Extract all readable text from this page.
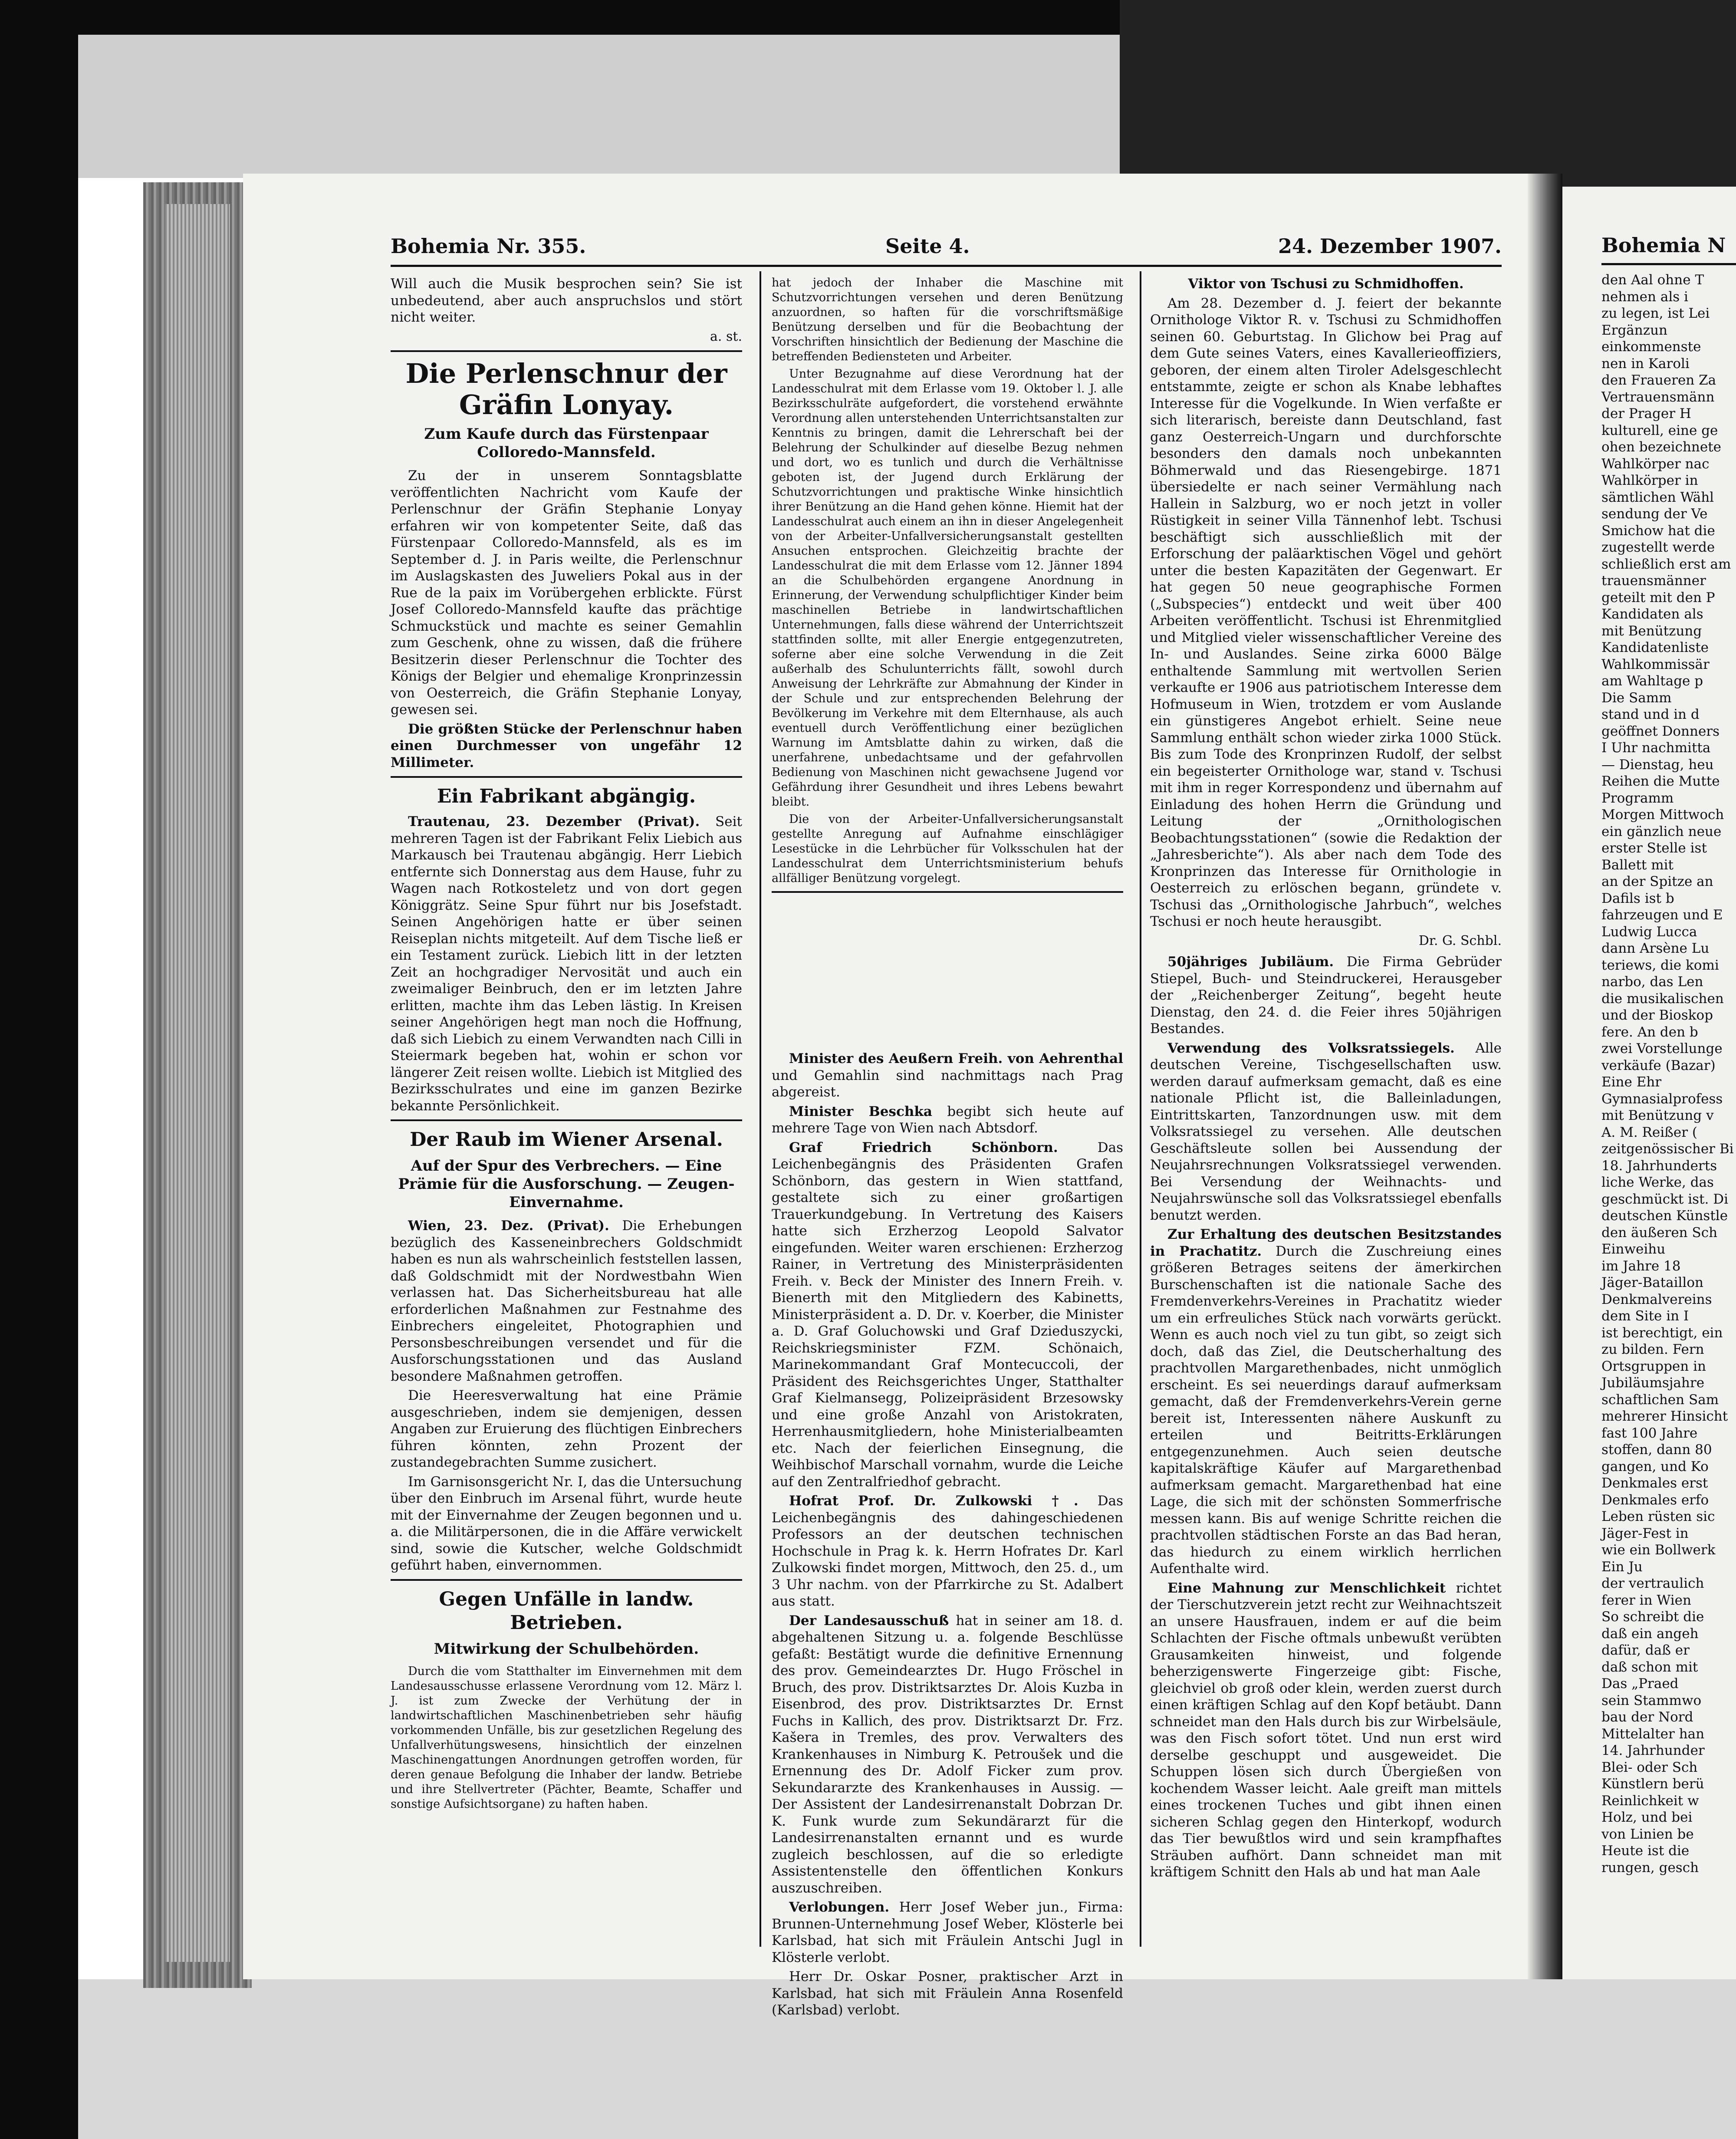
Bohemia Nr. 355.	Seite 4.	24. Dezember 1907.

Will auch die Musik besprochen sein? Sie ist unbedeutend, aber auch anspruchslos und stört nicht weiter.

a. st.

Die Perlenschnur der Gräfin Lonyay.
Zum Kaufe durch das Fürstenpaar Colloredo-Mannsfeld.

Zu der in unserem Sonntagsblatte veröffentlichten Nachricht vom Kaufe der Perlenschnur der Gräfin Stephanie Lonyay erfahren wir von kompetenter Seite, daß das Fürstenpaar Colloredo-Mannsfeld, als es im September d. J. in Paris weilte, die Perlenschnur im Auslagskasten des Juweliers Pokal aus in der Rue de la paix im Vorübergehen erblickte. Fürst Josef Colloredo-Mannsfeld kaufte das prächtige Schmuckstück und machte es seiner Gemahlin zum Geschenk, ohne zu wissen, daß die frühere Besitzerin dieser Perlenschnur die Tochter des Königs der Belgier und ehemalige Kronprinzessin von Oesterreich, die Gräfin Stephanie Lonyay, gewesen sei.

Die größten Stücke der Perlenschnur haben einen Durchmesser von ungefähr 12 Millimeter.

Ein Fabrikant abgängig.

Trautenau, 23. Dezember (Privat). Seit mehreren Tagen ist der Fabrikant Felix Liebich aus Markausch bei Trautenau abgängig. Herr Liebich entfernte sich Donnerstag aus dem Hause, fuhr zu Wagen nach Rotkosteletz und von dort gegen Königgrätz. Seine Spur führt nur bis Josefstadt. Seinen Angehörigen hatte er über seinen Reiseplan nichts mitgeteilt. Auf dem Tische ließ er ein Testament zurück. Liebich litt in der letzten Zeit an hochgradiger Nervosität und auch ein zweimaliger Beinbruch, den er im letzten Jahre erlitten, machte ihm das Leben lästig. In Kreisen seiner Angehörigen hegt man noch die Hoffnung, daß sich Liebich zu einem Verwandten nach Cilli in Steiermark begeben hat, wohin er schon vor längerer Zeit reisen wollte. Liebich ist Mitglied des Bezirksschulrates und eine im ganzen Bezirke bekannte Persönlichkeit.

Der Raub im Wiener Arsenal.
Auf der Spur des Verbrechers. — Eine Prämie für die Ausforschung. — Zeugen-Einvernahme.

Wien, 23. Dez. (Privat). Die Erhebungen bezüglich des Kasseneinbrechers Goldschmidt haben es nun als wahrscheinlich feststellen lassen, daß Goldschmidt mit der Nordwestbahn Wien verlassen hat. Das Sicherheitsbureau hat alle erforderlichen Maßnahmen zur Festnahme des Einbrechers eingeleitet, Photographien und Personsbeschreibungen versendet und für die Ausforschungsstationen und das Ausland besondere Maßnahmen getroffen.

Die Heeresverwaltung hat eine Prämie ausgeschrieben, indem sie demjenigen, dessen Angaben zur Eruierung des flüchtigen Einbrechers führen könnten, zehn Prozent der zustandegebrachten Summe zusichert.

Im Garnisonsgericht Nr. I, das die Untersuchung über den Einbruch im Arsenal führt, wurde heute mit der Einvernahme der Zeugen begonnen und u. a. die Militärpersonen, die in die Affäre verwickelt sind, sowie die Kutscher, welche Goldschmidt geführt haben, einvernommen.

Gegen Unfälle in landw. Betrieben.
Mitwirkung der Schulbehörden.

Durch die vom Statthalter im Einvernehmen mit dem Landesausschusse erlassene Verordnung vom 12. März l. J. ist zum Zwecke der Verhütung der in landwirtschaftlichen Maschinenbetrieben sehr häufig vorkommenden Unfälle, bis zur gesetzlichen Regelung des Unfallverhütungswesens, hinsichtlich der einzelnen Maschinengattungen Anordnungen getroffen worden, für deren genaue Befolgung die Inhaber der landw. Betriebe und ihre Stellvertreter (Pächter, Beamte, Schaffer und sonstige Aufsichtsorgane) zu haften haben.

hat jedoch der Inhaber die Maschine mit Schutzvorrichtungen versehen und deren Benützung anzuordnen, so haften für die vorschriftsmäßige Benützung derselben und für die Beobachtung der Vorschriften hinsichtlich der Bedienung der Maschine die betreffenden Bediensteten und Arbeiter.

Unter Bezugnahme auf diese Verordnung hat der Landesschulrat mit dem Erlasse vom 19. Oktober l. J. alle Bezirksschulräte aufgefordert, die vorstehend erwähnte Verordnung allen unterstehenden Unterrichtsanstalten zur Kenntnis zu bringen, damit die Lehrerschaft bei der Belehrung der Schulkinder auf dieselbe Bezug nehmen und dort, wo es tunlich und durch die Verhältnisse geboten ist, der Jugend durch Erklärung der Schutzvorrichtungen und praktische Winke hinsichtlich ihrer Benützung an die Hand gehen könne. Hiemit hat der Landesschulrat auch einem an ihn in dieser Angelegenheit von der Arbeiter-Unfallversicherungsanstalt gestellten Ansuchen entsprochen. Gleichzeitig brachte der Landesschulrat die mit dem Erlasse vom 12. Jänner 1894 an die Schulbehörden ergangene Anordnung in Erinnerung, der Verwendung schulpflichtiger Kinder beim maschinellen Betriebe in landwirtschaftlichen Unternehmungen, falls diese während der Unterrichtszeit stattfinden sollte, mit aller Energie entgegenzutreten, soferne aber eine solche Verwendung in die Zeit außerhalb des Schulunterrichts fällt, sowohl durch Anweisung der Lehrkräfte zur Abmahnung der Kinder in der Schule und zur entsprechenden Belehrung der Bevölkerung im Verkehre mit dem Elternhause, als auch eventuell durch Veröffentlichung einer bezüglichen Warnung im Amtsblatte dahin zu wirken, daß die unerfahrene, unbedachtsame und der gefahrvollen Bedienung von Maschinen nicht gewachsene Jugend vor Gefährdung ihrer Gesundheit und ihres Lebens bewahrt bleibt.

Die von der Arbeiter-Unfallversicherungsanstalt gestellte Anregung auf Aufnahme einschlägiger Lesestücke in die Lehrbücher für Volksschulen hat der Landesschulrat dem Unterrichtsministerium behufs allfälliger Benützung vorgelegt.

Minister des Aeußern Freih. von Aehrenthal und Gemahlin sind nachmittags nach Prag abgereist.

Minister Beschka begibt sich heute auf mehrere Tage von Wien nach Abtsdorf.

Graf Friedrich Schönborn.	Das Leichenbegängnis des Präsidenten Grafen Schönborn, das gestern in Wien stattfand, gestaltete sich zu einer großartigen Trauerkundgebung. In Vertretung des Kaisers hatte sich Erzherzog Leopold Salvator eingefunden. Weiter waren erschienen: Erzherzog Rainer, in Vertretung des Ministerpräsidenten Freih. v. Beck der Minister des Innern Freih. v. Bienerth mit den Mitgliedern des Kabinetts, Ministerpräsident a. D. Dr. v. Koerber, die Minister a. D. Graf Goluchowski und Graf Dzieduszycki, Reichskriegsminister FZM. Schönaich, Marinekommandant Graf Montecuccoli, der Präsident des Reichsgerichtes Unger, Statthalter Graf Kielmansegg, Polizeipräsident Brzesowsky und eine große Anzahl von Aristokraten, Herrenhausmitgliedern, hohe Ministerialbeamten etc. Nach der feierlichen Einsegnung, die Weihbischof Marschall vornahm, wurde die Leiche auf den Zentralfriedhof gebracht.

Hofrat Prof. Dr. Zulkowski †. Das Leichenbegängnis des dahingeschiedenen Professors an der deutschen technischen Hochschule in Prag k. k. Herrn Hofrates Dr. Karl Zulkowski findet morgen, Mittwoch, den 25. d., um 3 Uhr nachm. von der Pfarrkirche zu St. Adalbert aus statt.

Der Landesausschuß hat in seiner am 18. d. abgehaltenen Sitzung u. a. folgende Beschlüsse gefaßt: Bestätigt wurde die definitive Ernennung des prov. Gemeindearztes Dr. Hugo Fröschel in Bruch, des prov. Distriktsarztes Dr. Alois Kuzba in Eisenbrod, des prov. Distriktsarztes Dr. Ernst Fuchs in Kallich, des prov. Distriktsarzt Dr. Frz. Kašera in Tremles, des prov. Verwalters des Krankenhauses in Nimburg K. Petroušek und die Ernennung des Dr. Adolf Ficker zum prov. Sekundararzte des Krankenhauses in Aussig. — Der Assistent der Landesirrenanstalt Dobrzan Dr. K. Funk wurde zum Sekundärarzt für die Landesirrenanstalten ernannt und es wurde zugleich beschlossen, auf die so erledigte Assistentenstelle den öffentlichen Konkurs auszuschreiben.

Verlobungen. Herr Josef Weber jun., Firma: Brunnen-Unternehmung Josef Weber, Klösterle bei Karlsbad, hat sich mit Fräulein Antschi Jugl in Klösterle verlobt.

Herr Dr. Oskar Posner, praktischer Arzt in Karlsbad, hat sich mit Fräulein Anna Rosenfeld (Karlsbad) verlobt.

Viktor von Tschusi zu Schmidhoffen.

Am 28. Dezember d. J. feiert der bekannte Ornithologe Viktor R. v. Tschusi zu Schmidhoffen seinen 60. Geburtstag. In Glichow bei Prag auf dem Gute seines Vaters, eines Kavallerieoffiziers, geboren, der einem alten Tiroler Adelsgeschlecht entstammte, zeigte er schon als Knabe lebhaftes Interesse für die Vogelkunde. In Wien verfaßte er sich literarisch, bereiste dann Deutschland, fast ganz Oesterreich-Ungarn und durchforschte besonders den damals noch unbekannten Böhmerwald und das Riesengebirge. 1871 übersiedelte er nach seiner Vermählung nach Hallein in Salzburg, wo er noch jetzt in voller Rüstigkeit in seiner Villa Tännenhof lebt. Tschusi beschäftigt sich ausschließlich mit der Erforschung der paläarktischen Vögel und gehört unter die besten Kapazitäten der Gegenwart. Er hat gegen 50 neue geographische Formen („Subspecies“) entdeckt und weit über 400 Arbeiten veröffentlicht. Tschusi ist Ehrenmitglied und Mitglied vieler wissenschaftlicher Vereine des In- und Auslandes. Seine zirka 6000 Bälge enthaltende Sammlung mit wertvollen Serien verkaufte er 1906 aus patriotischem Interesse dem Hofmuseum in Wien, trotzdem er vom Auslande ein günstigeres Angebot erhielt. Seine neue Sammlung enthält schon wieder zirka 1000 Stück. Bis zum Tode des Kronprinzen Rudolf, der selbst ein begeisterter Ornithologe war, stand v. Tschusi mit ihm in reger Korrespondenz und übernahm auf Einladung des hohen Herrn die Gründung und Leitung der „Ornithologischen Beobachtungsstationen“ (sowie die Redaktion der „Jahresberichte“). Als aber nach dem Tode des Kronprinzen das Interesse für Ornithologie in Oesterreich zu erlöschen begann, gründete v. Tschusi das „Ornithologische Jahrbuch“, welches Tschusi er noch heute herausgibt.

Dr. G. Schbl.

50jähriges Jubiläum. Die Firma Gebrüder Stiepel, Buch- und Steindruckerei, Herausgeber der „Reichenberger Zeitung“, begeht heute Dienstag, den 24. d. die Feier ihres 50jährigen Bestandes.

Verwendung des Volksratssiegels. Alle deutschen Vereine, Tischgesellschaften usw. werden darauf aufmerksam gemacht, daß es eine nationale Pflicht ist, die Balleinladungen, Eintrittskarten, Tanzordnungen usw. mit dem Volksratssiegel zu versehen. Alle deutschen Geschäftsleute sollen bei Aussendung der Neujahrsrechnungen Volksratssiegel verwenden. Bei Versendung der Weihnachts- und Neujahrswünsche soll das Volksratssiegel ebenfalls benutzt werden.

Zur Erhaltung des deutschen Besitzstandes in Prachatitz. Durch die Zuschreiung eines größeren Betrages seitens der ämerkirchen Burschenschaften ist die nationale Sache des Fremdenverkehrs-Vereines in Prachatitz wieder um ein erfreuliches Stück nach vorwärts gerückt. Wenn es auch noch viel zu tun gibt, so zeigt sich doch, daß das Ziel, die Deutscherhaltung des prachtvollen Margarethenbades, nicht unmöglich erscheint. Es sei neuerdings darauf aufmerksam gemacht, daß der Fremdenverkehrs-Verein gerne bereit ist, Interessenten nähere Auskunft zu erteilen und Beitritts-Erklärungen entgegenzunehmen. Auch seien deutsche kapitalskräftige Käufer auf Margarethenbad aufmerksam gemacht. Margarethenbad hat eine Lage, die sich mit der schönsten Sommerfrische messen kann. Bis auf wenige Schritte reichen die prachtvollen städtischen Forste an das Bad heran, das hiedurch zu einem wirklich herrlichen Aufenthalte wird.

Eine Mahnung zur Menschlichkeit richtet der Tierschutzverein jetzt recht zur Weihnachtszeit an unsere Hausfrauen, indem er auf die beim Schlachten der Fische oftmals unbewußt verübten Grausamkeiten hinweist, und folgende beherzigenswerte Fingerzeige gibt: Fische, gleichviel ob groß oder klein, werden zuerst durch einen kräftigen Schlag auf den Kopf betäubt. Dann schneidet man den Hals durch bis zur Wirbelsäule, was den Fisch sofort tötet. Und nun erst wird derselbe geschuppt und ausgeweidet. Die Schuppen lösen sich durch Übergießen von kochendem Wasser leicht. Aale greift man mittels eines trockenen Tuches und gibt ihnen einen sicheren Schlag gegen den Hinterkopf, wodurch das Tier bewußtlos wird und sein krampfhaftes Sträuben aufhört. Dann schneidet man mit kräftigem Schnitt den Hals ab und hat man Aale

Bohemia N
den Aal ohne T
nehmen als i
zu legen, ist Lei
Ergänzun
einkommenste
nen in Karoli
den Fraueren Za
Vertrauensmänn
der Prager H
kulturell, eine ge
ohen bezeichnete
Wahlkörper nac
Wahlkörper in
sämtlichen Wähl
sendung der Ve
Smichow hat die
zugestellt werde
schließlich erst am
trauensmänner
geteilt mit den P
Kandidaten als
mit Benützung
Kandidatenliste
Wahlkommissär
am Wahltage p
Die Samm
stand und in d
geöffnet Donners
I Uhr nachmitta
— Dienstag, heu
Reihen die Mutte
Programm
Morgen Mittwoch
ein gänzlich neue
erster Stelle ist
Ballett mit
an der Spitze an
Dafils ist b
fahrzeugen und E
Ludwig Lucca
dann Arsène Lu
teriews, die komi
narbo, das Len
die musikalischen
und der Bioskop
fere. An den b
zwei Vorstellunge
verkäufe (Bazar)
Eine Ehr
Gymnasialprofess
mit Benützung v
A. M. Reißer (
zeitgenössischer Bi
18. Jahrhunderts
liche Werke, das
geschmückt ist. Di
deutschen Künstle
den äußeren Sch
Einweihu
im Jahre 18
Jäger-Bataillon
Denkmalvereins
dem Site in I
ist berechtigt, ein
zu bilden. Fern
Ortsgruppen in
Jubiläumsjahre
schaftlichen Sam
mehrerer Hinsicht
fast 100 Jahre
stoffen, dann 80
gangen, und Ko
Denkmales erst
Denkmales erfo
Leben rüsten sic
Jäger-Fest in
wie ein Bollwerk
Ein Ju
der vertraulich
ferer in Wien
So schreibt die
daß ein angeh
dafür, daß er
daß schon mit
Das „Praed
sein Stammwo
bau der Nord
Mittelalter han
14. Jahrhunder
Blei- oder Sch
Künstlern berü
Reinlichkeit w
Holz, und bei
von Linien be
Heute ist die
rungen, gesch
